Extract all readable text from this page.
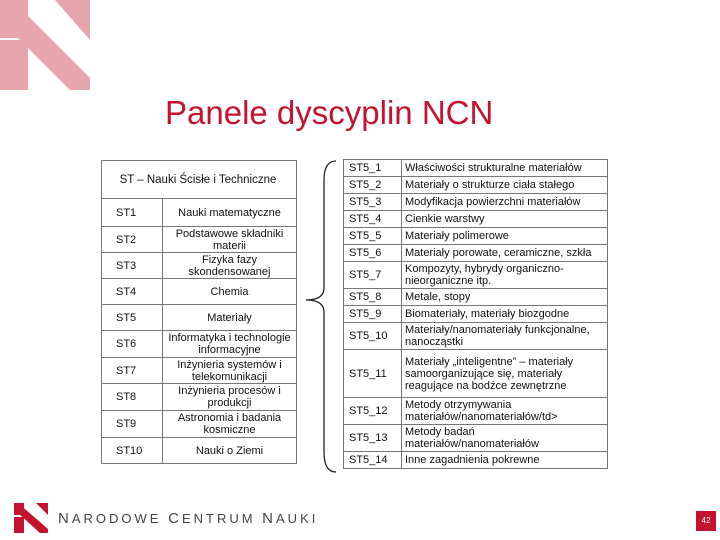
Panele dyscyplin NCN
ST – Nauki Ścisłe i Techniczne	
ST1	Nauki matematyczne
ST2	Podstawowe składniki materii
ST3	Fizyka fazy skondensowanej
ST4	Chemia
ST5	Materiały
ST6	Informatyka i technologie informacyjne
ST7	Inżynieria systemów i telekomunikacji
ST8	Inżynieria procesów i produkcji
ST9	Astronomia i badania kosmiczne
ST10	Nauki o Ziemi
ST5_1	Właściwości strukturalne materiałów
ST5_2	Materiały o strukturze ciała stałego
ST5_3	Modyfikacja powierzchni materiałów
ST5_4	Cienkie warstwy
ST5_5	Materiały polimerowe
ST5_6	Materiały porowate, ceramiczne, szkła
ST5_7	Kompozyty, hybrydy organiczno-nieorganiczne itp.
ST5_8	Metale, stopy
ST5_9	Biomateriały, materiały biozgodne
ST5_10	Materiały/nanomateriały funkcjonalne, nanocząstki
ST5_11	Materiały „inteligentne” – materiały samoorganizujące się, materiały reagujące na bodźce zewnętrzne
ST5_12	Metody otrzymywania materiałów/nanomateriałów/td>
ST5_13	Metody badań materiałów/nanomateriałów
ST5_14	Inne zagadnienia pokrewne
NARODOWE CENTRUM NAUKI	42
